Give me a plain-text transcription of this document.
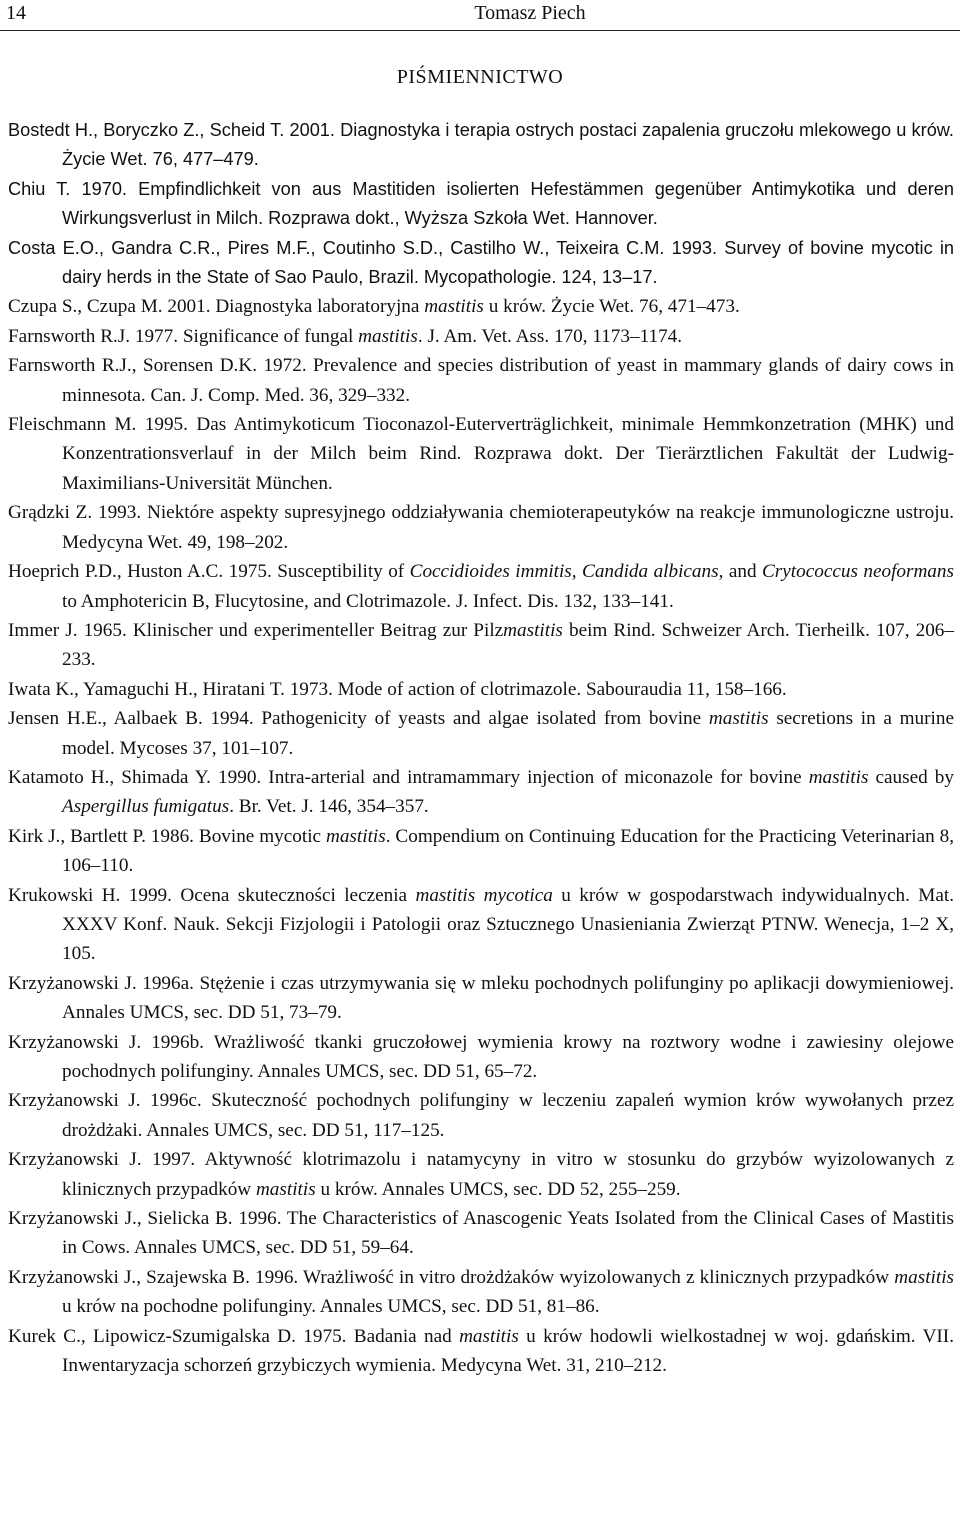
14	Tomasz Piech
PIŚMIENNICTWO

Bostedt H., Boryczko Z., Scheid T. 2001. Diagnostyka i terapia ostrych postaci zapalenia gruczołu mlekowego u krów. Życie Wet. 76, 477–479.

Chiu T. 1970. Empfindlichkeit von aus Mastitiden isolierten Hefestämmen gegenüber Antimykotika und deren Wirkungsverlust in Milch. Rozprawa dokt., Wyższa Szkoła Wet. Hannover.

Costa E.O., Gandra C.R., Pires M.F., Coutinho S.D., Castilho W., Teixeira C.M. 1993. Survey of bovine mycotic in dairy herds in the State of Sao Paulo, Brazil. Mycopathologie. 124, 13–17.

Czupa S., Czupa M. 2001. Diagnostyka laboratoryjna mastitis u krów. Życie Wet. 76, 471–473.

Farnsworth R.J. 1977. Significance of fungal mastitis. J. Am. Vet. Ass. 170, 1173–1174.

Farnsworth R.J., Sorensen D.K. 1972. Prevalence and species distribution of yeast in mammary glands of dairy cows in minnesota. Can. J. Comp. Med. 36, 329–332.

Fleischmann M. 1995. Das Antimykoticum Tioconazol-Euterverträglichkeit, minimale Hemmkonzetration (MHK) und Konzentrationsverlauf in der Milch beim Rind. Rozprawa dokt. Der Tierärztlichen Fakultät der Ludwig-Maximilians-Universität München.

Grądzki Z. 1993. Niektóre aspekty supresyjnego oddziaływania chemioterapeutyków na reakcje immunologiczne ustroju. Medycyna Wet. 49, 198–202.

Hoeprich P.D., Huston A.C. 1975. Susceptibility of Coccidioides immitis, Candida albicans, and Crytococcus neoformans to Amphotericin B, Flucytosine, and Clotrimazole. J. Infect. Dis. 132, 133–141.

Immer J. 1965. Klinischer und experimenteller Beitrag zur Pilzmastitis beim Rind. Schweizer Arch. Tierheilk. 107, 206–233.

Iwata K., Yamaguchi H., Hiratani T. 1973. Mode of action of clotrimazole. Sabouraudia 11, 158–166.

Jensen H.E., Aalbaek B. 1994. Pathogenicity of yeasts and algae isolated from bovine mastitis secretions in a murine model. Mycoses 37, 101–107.

Katamoto H., Shimada Y. 1990. Intra-arterial and intramammary injection of miconazole for bovine mastitis caused by Aspergillus fumigatus. Br. Vet. J. 146, 354–357.

Kirk J., Bartlett P. 1986. Bovine mycotic mastitis. Compendium on Continuing Education for the Practicing Veterinarian 8, 106–110.

Krukowski H. 1999. Ocena skuteczności leczenia mastitis mycotica u krów w gospodarstwach indywidualnych. Mat. XXXV Konf. Nauk. Sekcji Fizjologii i Patologii oraz Sztucznego Unasieniania Zwierząt PTNW. Wenecja, 1–2 X, 105.

Krzyżanowski J. 1996a. Stężenie i czas utrzymywania się w mleku pochodnych polifunginy po aplikacji dowymieniowej. Annales UMCS, sec. DD 51, 73–79.

Krzyżanowski J. 1996b. Wrażliwość tkanki gruczołowej wymienia krowy na roztwory wodne i zawiesiny olejowe pochodnych polifunginy. Annales UMCS, sec. DD 51, 65–72.

Krzyżanowski J. 1996c. Skuteczność pochodnych polifunginy w leczeniu zapaleń wymion krów wywołanych przez drożdżaki. Annales UMCS, sec. DD 51, 117–125.

Krzyżanowski J. 1997. Aktywność klotrimazolu i natamycyny in vitro w stosunku do grzybów wyizolowanych z klinicznych przypadków mastitis u krów. Annales UMCS, sec. DD 52, 255–259.

Krzyżanowski J., Sielicka B. 1996. The Characteristics of Anascogenic Yeats Isolated from the Clinical Cases of Mastitis in Cows. Annales UMCS, sec. DD 51, 59–64.

Krzyżanowski J., Szajewska B. 1996. Wrażliwość in vitro drożdżaków wyizolowanych z klinicznych przypadków mastitis u krów na pochodne polifunginy. Annales UMCS, sec. DD 51, 81–86.

Kurek C., Lipowicz-Szumigalska D. 1975. Badania nad mastitis u krów hodowli wielkostadnej w woj. gdańskim. VII. Inwentaryzacja schorzeń grzybiczych wymienia. Medycyna Wet. 31, 210–212.
